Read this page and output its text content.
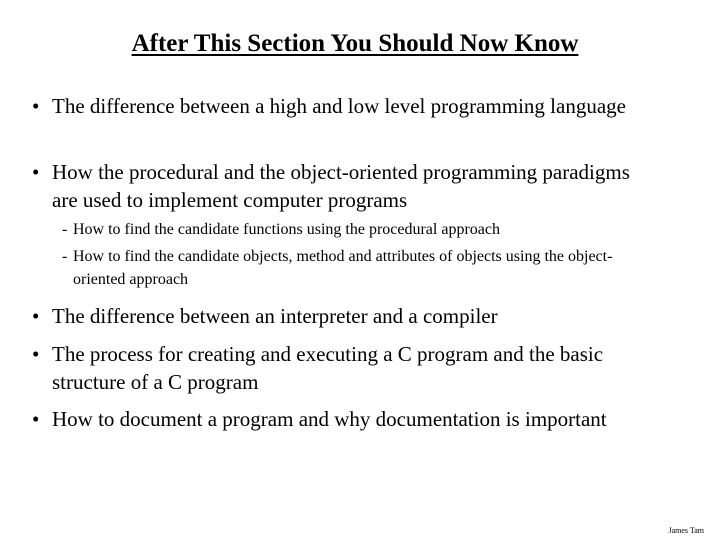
After This Section You Should Now Know
• The difference between a high and low level programming language
• How the procedural and the object-oriented programming paradigms are used to implement computer programs
- How to find the candidate functions using the procedural approach
- How to find the candidate objects, method and attributes of objects using the object-oriented approach
• The difference between an interpreter and a compiler
• The process for creating and executing a C program and the basic structure of a C program
• How to document a program and why documentation is important
James Tam
